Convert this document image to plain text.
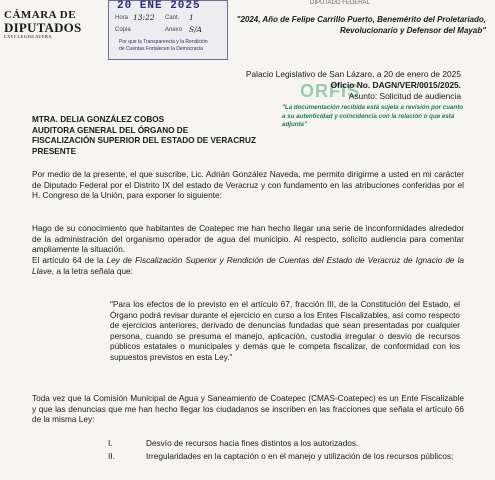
CÁMARA DE
DIPUTADOS
LXVI LEGISLATURA
20 ENE 2025
Hora 13:22 Cant. 1
Copia	Anexo S/A
Por que la Transparencia y la Rendición
de Cuentas Fortalecen la Democracia
DIPUTADO FEDERAL
"2024, Año de Felipe Carrillo Puerto, Benemérito del Proletariado, Revolucionario y Defensor del Mayab"
ORFIS
Palacio Legislativo de San Lázaro, a 20 de enero de 2025
Oficio No. DAGN/VER/0015/2025.
Asunto: Solicitud de audiencia
"La documentación recibida está sujeta a revisión por cuanto a su autenticidad y coincidencia con la relación o que está adjunta"
MTRA. DELIA GONZÁLEZ COBOS
AUDITORA GENERAL DEL ÓRGANO DE
FISCALIZACIÓN SUPERIOR DEL ESTADO DE VERACRUZ
PRESENTE
Por medio de la presente, el que suscribe, Lic. Adrián González Naveda, me permito dirigirme a usted en mi carácter de Diputado Federal por el Distrito IX del estado de Veracruz y con fundamento en las atribuciones conferidas por el H. Congreso de la Unión, para exponer lo siguiente:
Hago de su conocimiento que habitantes de Coatepec me han hecho llegar una serie de inconformidades alrededor de la administración del organismo operador de agua del municipio. Al respecto, solicito audiencia para comentar ampliamente la situación.
El artículo 64 de la Ley de Fiscalización Superior y Rendición de Cuentas del Estado de Veracruz de Ignacio de la Llave, a la letra señala que:
"Para los efectos de lo previsto en el artículo 67, fracción III, de la Constitución del Estado, el Órgano podrá revisar durante el ejercicio en curso a los Entes Fiscalizables, así como respecto de ejercicios anteriores, derivado de denuncias fundadas que sean presentadas por cualquier persona, cuando se presuma el manejo, aplicación, custodia irregular o desvío de recursos públicos estatales o municipales y demás que le competa fiscalizar, de conformidad con los supuestos previstos en esta Ley."
Toda vez que la Comisión Municipal de Agua y Saneamiento de Coatepec (CMAS-Coatepec) es un Ente Fiscalizable y que las denuncias que me han hecho llegar los ciudadanos se inscriben en las fracciones que señala el artículo 66 de la misma Ley:
I.	Desvío de recursos hacia fines distintos a los autorizados.
II.	Irregularidades en la captación o en el manejo y utilización de los recursos públicos;
